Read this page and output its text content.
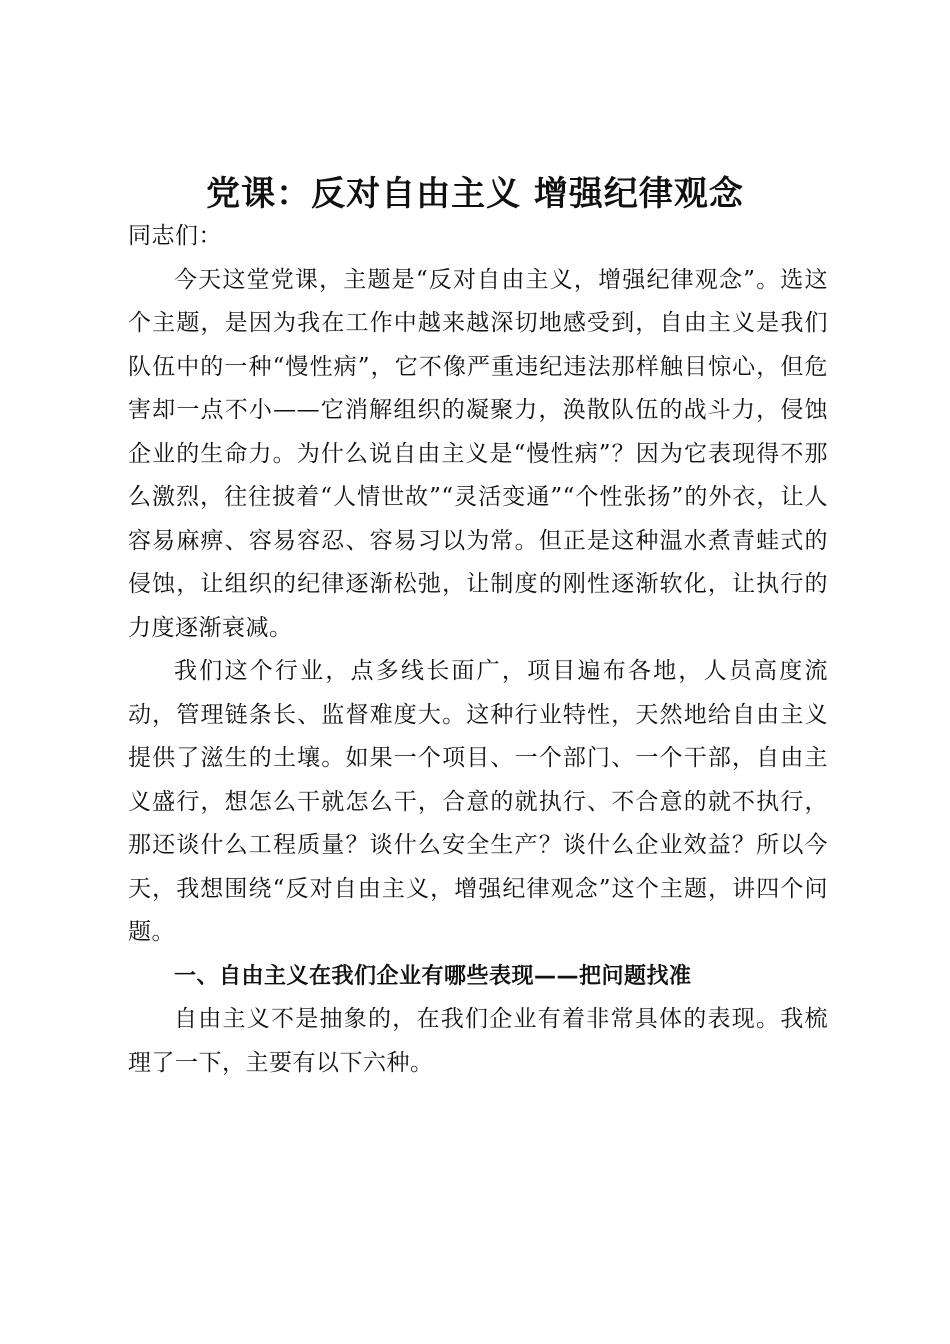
党课：反对自由主义 增强纪律观念

同志们：

今天这堂党课，主题是“反对自由主义，增强纪律观念”。选这个主题，是因为我在工作中越来越深切地感受到，自由主义是我们队伍中的一种“慢性病”，它不像严重违纪违法那样触目惊心，但危害却一点不小——它消解组织的凝聚力，涣散队伍的战斗力，侵蚀企业的生命力。为什么说自由主义是“慢性病”？因为它表现得不那么激烈，往往披着“人情世故”“灵活变通”“个性张扬”的外衣，让人容易麻痹、容易容忍、容易习以为常。但正是这种温水煮青蛙式的侵蚀，让组织的纪律逐渐松弛，让制度的刚性逐渐软化，让执行的力度逐渐衰减。

我们这个行业，点多线长面广，项目遍布各地，人员高度流动，管理链条长、监督难度大。这种行业特性，天然地给自由主义提供了滋生的土壤。如果一个项目、一个部门、一个干部，自由主义盛行，想怎么干就怎么干，合意的就执行、不合意的就不执行，那还谈什么工程质量？谈什么安全生产？谈什么企业效益？所以今天，我想围绕“反对自由主义，增强纪律观念”这个主题，讲四个问题。

一、自由主义在我们企业有哪些表现——把问题找准

自由主义不是抽象的，在我们企业有着非常具体的表现。我梳理了一下，主要有以下六种。
